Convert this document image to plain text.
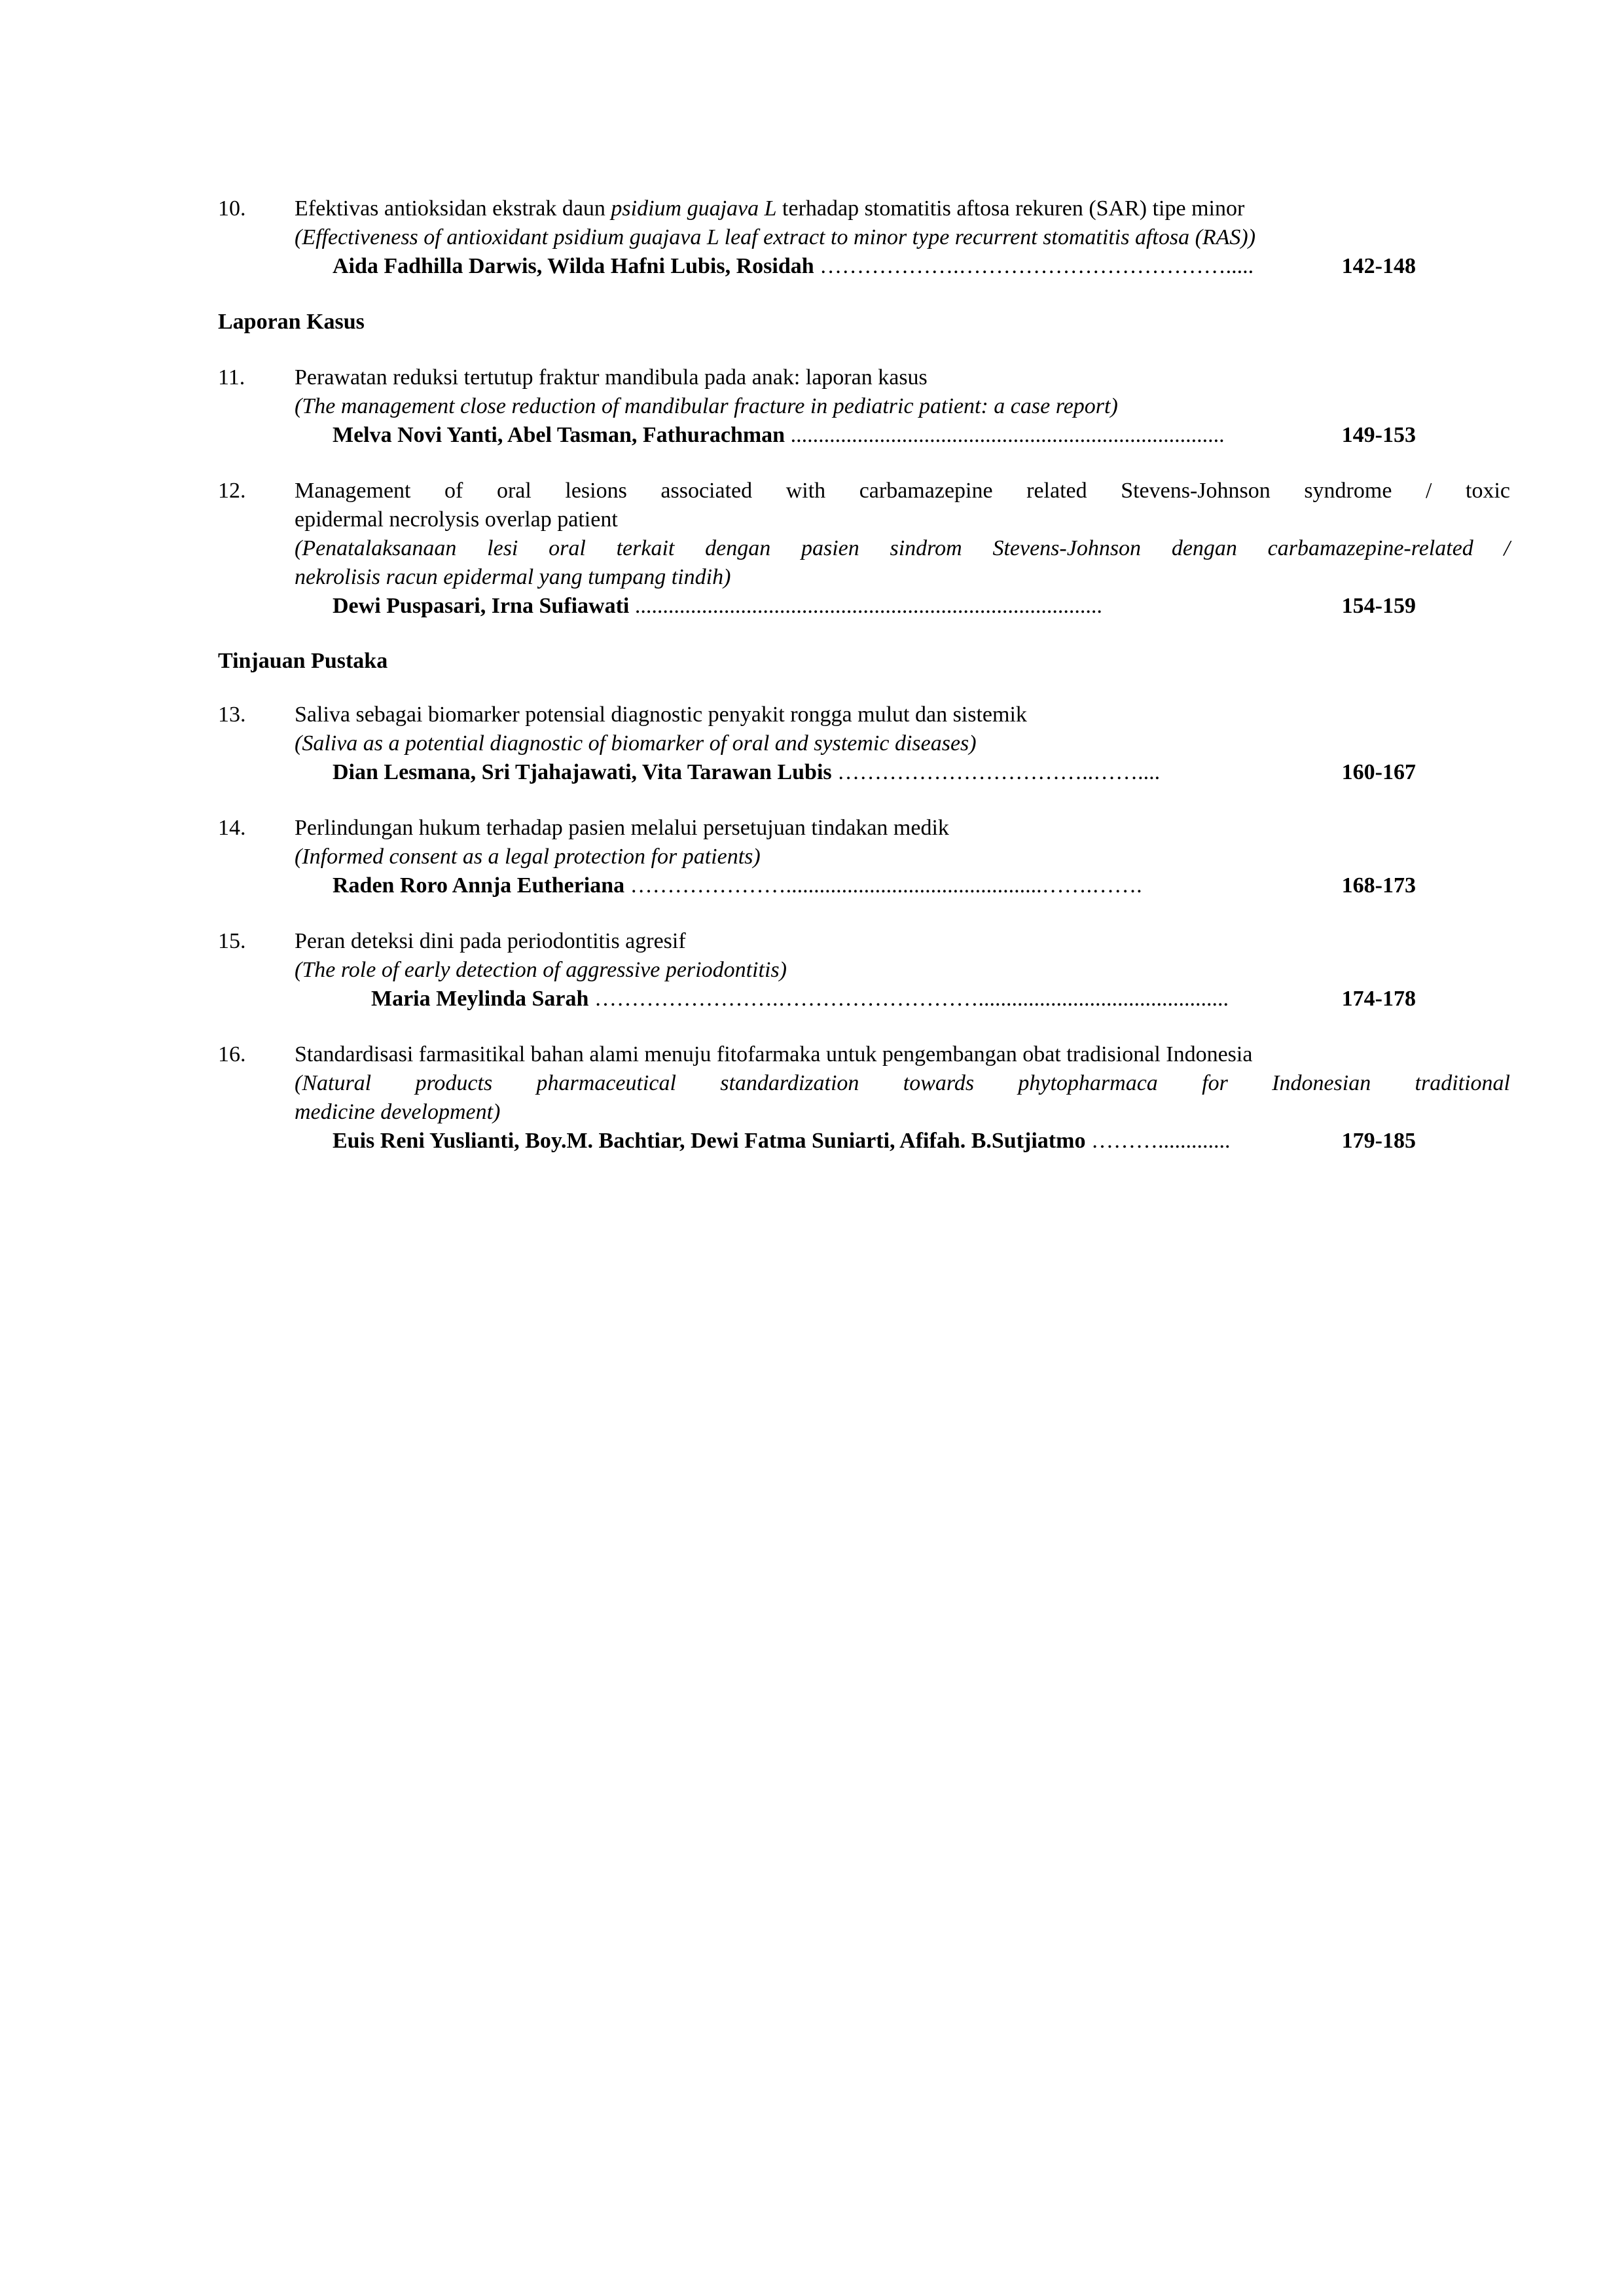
10.	Efektivas antioksidan ekstrak daun psidium guajava L terhadap stomatitis aftosa rekuren (SAR) tipe minor
(Effectiveness of antioxidant psidium guajava L leaf extract to minor type recurrent stomatitis aftosa (RAS))
Aida Fadhilla Darwis, Wilda Hafni Lubis, Rosidah ……………….……………………………….....	142-148
Laporan Kasus
11.	Perawatan reduksi tertutup fraktur mandibula pada anak: laporan kasus
(The management close reduction of mandibular fracture in pediatric patient: a case report)
Melva Novi Yanti, Abel Tasman, Fathurachman ..............................................................................	149-153
12.	Management of oral lesions associated with carbamazepine related Stevens-Johnson syndrome / toxic
epidermal necrolysis overlap patient
(Penatalaksanaan lesi oral terkait dengan pasien sindrom Stevens-Johnson dengan carbamazepine-related /
nekrolisis racun epidermal yang tumpang tindih)
Dewi Puspasari, Irna Sufiawati ....................................................................................	154-159
Tinjauan Pustaka
13.	Saliva sebagai biomarker potensial diagnostic penyakit rongga mulut dan sistemik
(Saliva as a potential diagnostic of biomarker of oral and systemic diseases)
Dian Lesmana, Sri Tjahajawati, Vita Tarawan Lubis ……………………………..……....	160-167
14.	Perlindungan hukum terhadap pasien melalui persetujuan tindakan medik
(Informed consent as a legal protection for patients)
Raden Roro Annja Eutheriana …………………..............................................…….…….	168-173
15.	Peran deteksi dini pada periodontitis agresif
(The role of early detection of aggressive periodontitis)
Maria Meylinda Sarah …………………….……………………….............................................	174-178
16.	Standardisasi farmasitikal bahan alami menuju fitofarmaka untuk pengembangan obat tradisional Indonesia
(Natural products pharmaceutical standardization towards phytopharmaca for Indonesian traditional
medicine development)
Euis Reni Yuslianti, Boy.M. Bachtiar, Dewi Fatma Suniarti, Afifah. B.Sutjiatmo ……….............	179-185
